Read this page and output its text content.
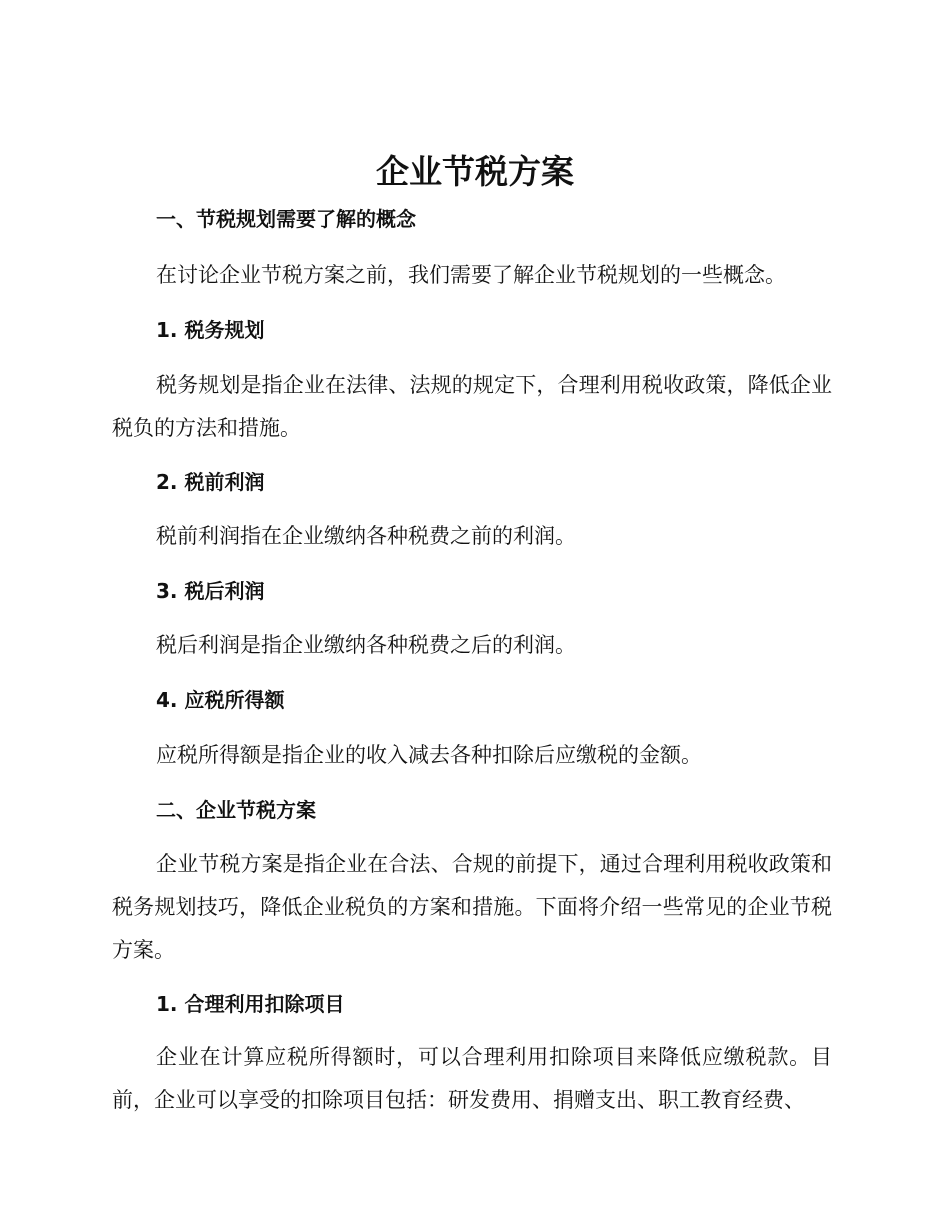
企业节税方案
一、节税规划需要了解的概念

在讨论企业节税方案之前，我们需要了解企业节税规划的一些概念。

1. 税务规划

税务规划是指企业在法律、法规的规定下，合理利用税收政策，降低企业税负的方法和措施。

2. 税前利润

税前利润指在企业缴纳各种税费之前的利润。

3. 税后利润

税后利润是指企业缴纳各种税费之后的利润。

4. 应税所得额

应税所得额是指企业的收入减去各种扣除后应缴税的金额。

二、企业节税方案

企业节税方案是指企业在合法、合规的前提下，通过合理利用税收政策和税务规划技巧，降低企业税负的方案和措施。下面将介绍一些常见的企业节税方案。

1. 合理利用扣除项目

企业在计算应税所得额时，可以合理利用扣除项目来降低应缴税款。目前，企业可以享受的扣除项目包括：研发费用、捐赠支出、职工教育经费、
